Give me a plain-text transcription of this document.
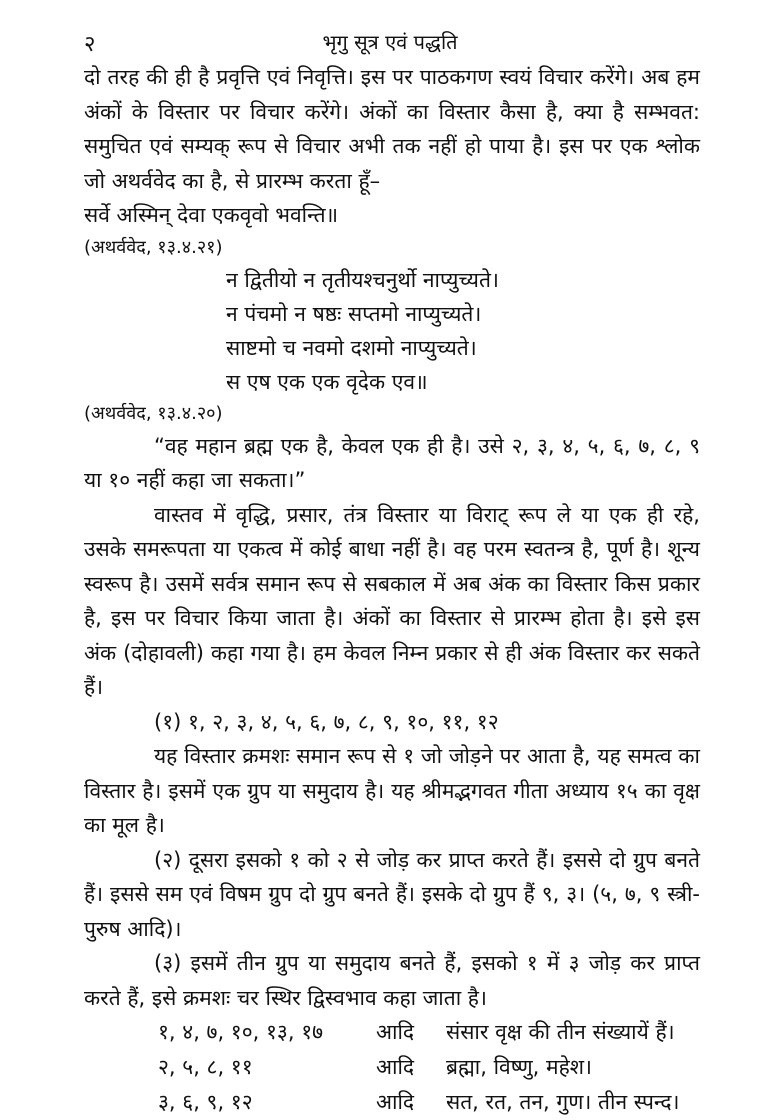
२	भृगु सूत्र एवं पद्धति

दो तरह की ही है प्रवृत्ति एवं निवृत्ति। इस पर पाठकगण स्वयं विचार करेंगे। अब हम अंकों के विस्तार पर विचार करेंगे। अंकों का विस्तार कैसा है, क्या है सम्भवत: समुचित एवं सम्यक् रूप से विचार अभी तक नहीं हो पाया है। इस पर एक श्लोक जो अथर्ववेद का है, से प्रारम्भ करता हूँ–

सर्वे अस्मिन् देवा एकवृवो भवन्ति॥

(अथर्ववेद, १३.४.२१)

न द्वितीयो न तृतीयश्चनुर्थो नाप्युच्यते।
न पंचमो न षष्ठः सप्तमो नाप्युच्यते।
साष्टमो च नवमो दशमो नाप्युच्यते।
स एष एक एक वृदेक एव॥

(अथर्ववेद, १३.४.२०)

“वह महान ब्रह्म एक है, केवल एक ही है। उसे २, ३, ४, ५, ६, ७, ८, ९ या १० नहीं कहा जा सकता।”

वास्तव में वृद्धि, प्रसार, तंत्र विस्तार या विराट् रूप ले या एक ही रहे, उसके समरूपता या एकत्व में कोई बाधा नहीं है। वह परम स्वतन्त्र है, पूर्ण है। शून्य स्वरूप है। उसमें सर्वत्र समान रूप से सबकाल में अब अंक का विस्तार किस प्रकार है, इस पर विचार किया जाता है। अंकों का विस्तार से प्रारम्भ होता है। इसे इस अंक (दोहावली) कहा गया है। हम केवल निम्न प्रकार से ही अंक विस्तार कर सकते हैं।

(१) १, २, ३, ४, ५, ६, ७, ८, ९, १०, ११, १२

यह विस्तार क्रमशः समान रूप से १ जो जोड़ने पर आता है, यह समत्व का विस्तार है। इसमें एक ग्रुप या समुदाय है। यह श्रीमद्भगवत गीता अध्याय १५ का वृक्ष का मूल है।

(२) दूसरा इसको १ को २ से जोड़ कर प्राप्त करते हैं। इससे दो ग्रुप बनते हैं। इससे सम एवं विषम ग्रुप दो ग्रुप बनते हैं। इसके दो ग्रुप हैं ९, ३। (५, ७, ९ स्त्री-पुरुष आदि)।

(३) इसमें तीन ग्रुप या समुदाय बनते हैं, इसको १ में ३ जोड़ कर प्राप्त करते हैं, इसे क्रमशः चर स्थिर द्विस्वभाव कहा जाता है।

१, ४, ७, १०, १३, १७	आदि	संसार वृक्ष की तीन संख्यायें हैं।
२, ५, ८, ११	आदि	ब्रह्मा, विष्णु, महेश।
३, ६, ९, १२	आदि	सत, रत, तन, गुण। तीन स्पन्द।
